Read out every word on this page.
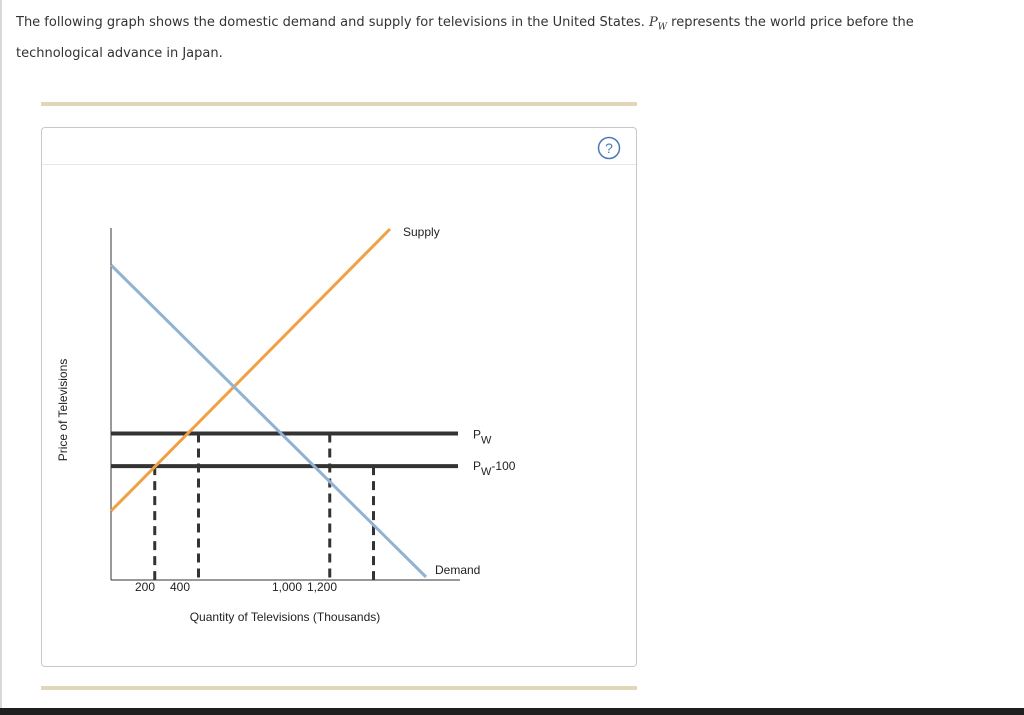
The following graph shows the domestic demand and supply for televisions in the United States. $P_W$ represents the world price before the technological advance in Japan.
?
PW
PW-100
Supply
Demand
200 400	1,000 1,200
Quantity of Televisions (Thousands)
Price of Televisions
